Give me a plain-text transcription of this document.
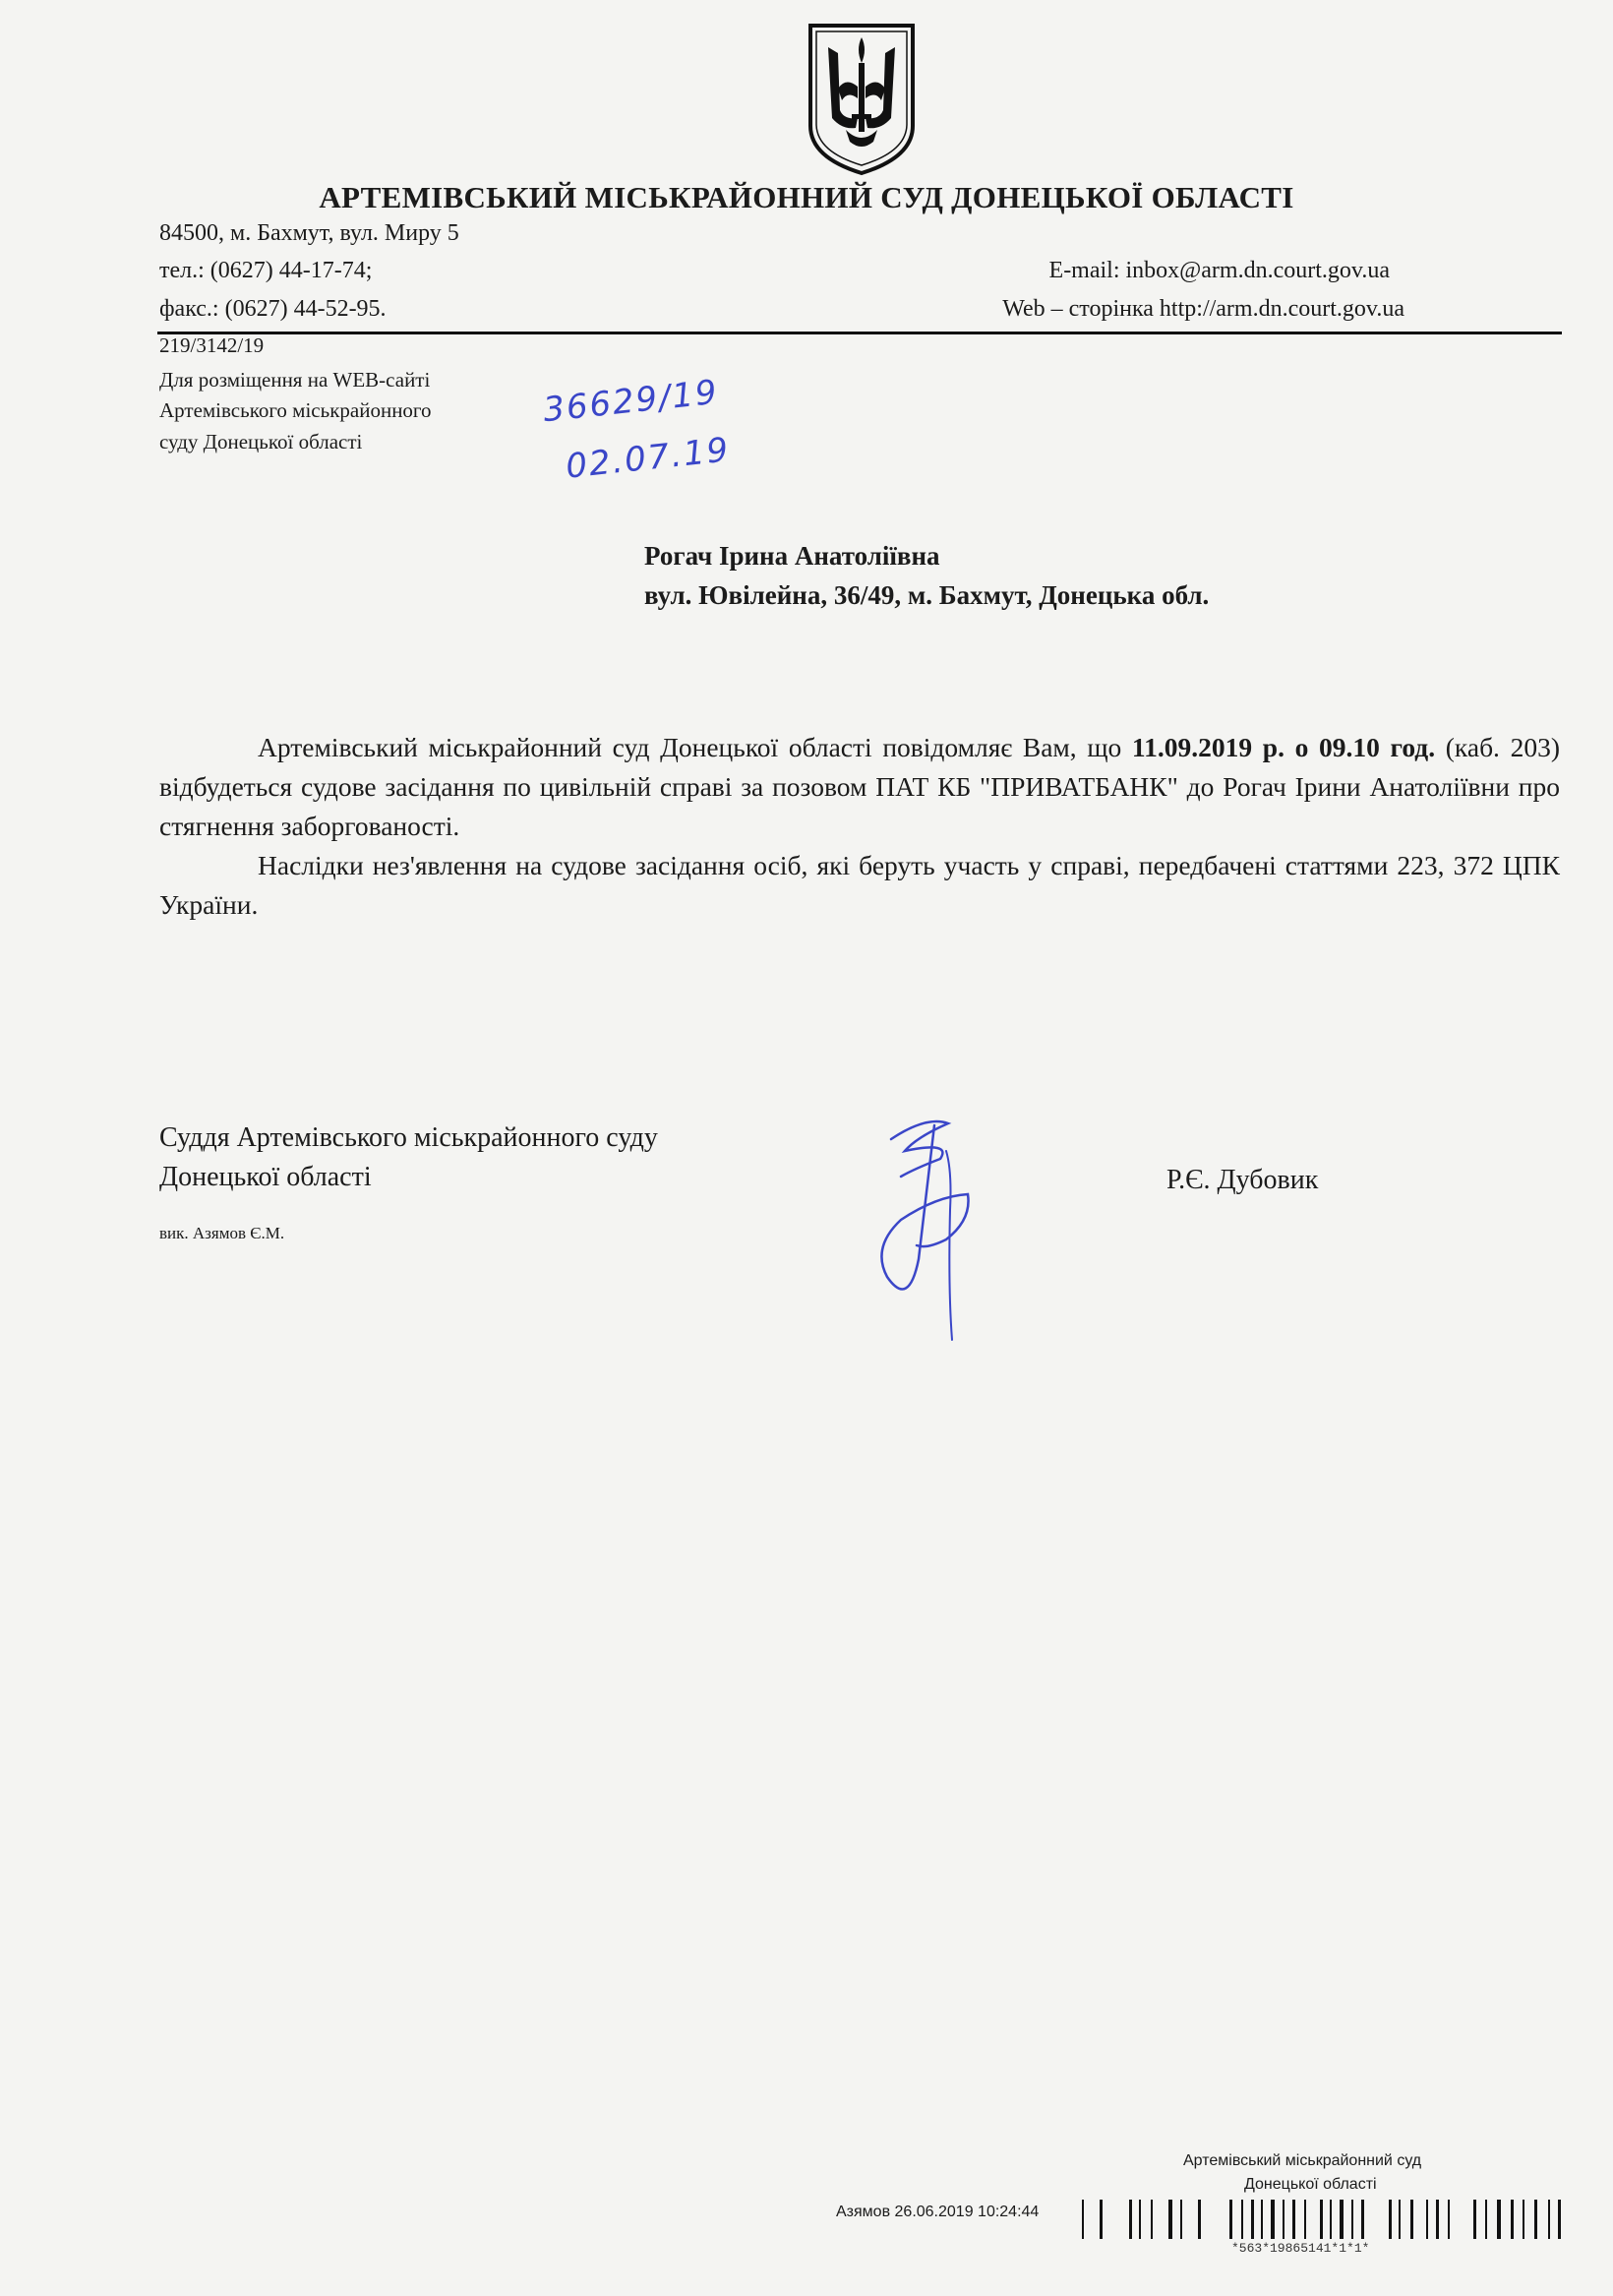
АРТЕМІВСЬКИЙ МІСЬКРАЙОННИЙ СУД ДОНЕЦЬКОЇ ОБЛАСТІ
84500, м. Бахмут, вул. Миру 5
тел.: (0627) 44-17-74;
факс.: (0627) 44-52-95.
E-mail: inbox@arm.dn.court.gov.ua
Web – сторінка http://arm.dn.court.gov.ua
219/3142/19
Для розміщення на WEB-сайті
Артемівського міськрайонного
суду Донецької області
36629/19
02.07.19
Рогач Ірина Анатоліївна
вул. Ювілейна, 36/49, м. Бахмут, Донецька обл.

Артемівський міськрайонний суд Донецької області повідомляє Вам, що 11.09.2019 р. о 09.10 год. (каб. 203) відбудеться судове засідання по цивільній справі за позовом ПАТ КБ "ПРИВАТБАНК" до Рогач Ірини Анатоліївни про стягнення заборгованості.

Наслідки нез'явлення на судове засідання осіб, які беруть участь у справі, передбачені статтями 223, 372 ЦПК України.

Суддя Артемівського міськрайонного суду
Донецької області	Р.Є. Дубовик
вик. Азямов Є.М.
Артемівський міськрайонний суд
Донецької області
Азямов 26.06.2019 10:24:44
*563*19865141*1*1*
